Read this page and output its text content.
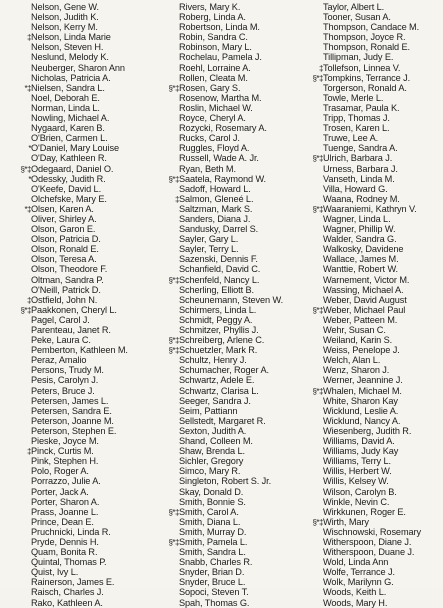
Nelson, Gene W.
Nelson, Judith K.
Nelson, Kerry M.
‡Nelson, Linda Marie
Nelson, Steven H.
Neslund, Melody K.
Neuberger, Sharon Ann
Nicholas, Patricia A.
*‡Nielsen, Sandra L.
Noel, Deborah E.
Norman, Linda L.
Nowling, Michael A.
Nygaard, Karen B.
O'Brien, Carmen L.
*O'Daniel, Mary Louise
O'Day, Kathleen R.
§*‡Odegaard, Daniel O.
*Odessky, Judith R.
O'Keefe, David L.
Olchefske, Mary E.
*‡Olsen, Karen A.
Oliver, Shirley A.
Olson, Garon E.
Olson, Patricia D.
Olson, Ronald E.
Olson, Teresa A.
Olson, Theodore F.
Oltman, Sandra P.
O'Neill, Patrick D.
‡Ostfield, John N.
§*‡Paakkonen, Cheryl L.
Pagel, Carol J.
Parenteau, Janet R.
Peke, Laura C.
Pemberton, Kathleen M.
Peraz, Amalio
Persons, Trudy M.
Pesis, Carolyn J.
Peters, Bruce J.
Petersen, James L.
Petersen, Sandra E.
Peterson, Joanne M.
Peterson, Stephen E.
Pieske, Joyce M.
‡Pinck, Curtis M.
Pink, Stephen H.
Polo, Roger A.
Porrazzo, Julie A.
Porter, Jack A.
Porter, Sharon A.
Prass, Joanne L.
Prince, Dean E.
Pruchnicki, Linda R.
Pryde, Dennis H.
Quam, Bonita R.
Quintal, Thomas P.
Quist, Ivy L.
Rainerson, James E.
Raisch, Charles J.
Rako, Kathleen A.
Rivers, Mary K.
Roberg, Linda A.
Robertson, Linda M.
Robin, Sandra C.
Robinson, Mary L.
Rochelau, Pamela J.
Roehl, Lorraine A.
Rollen, Cleata M.
§*‡Rosen, Gary S.
Rosenow, Martha M.
Roslin, Michael W.
Royce, Cheryl A.
Rozycki, Rosemary A.
Rucks, Carol J.
Ruggles, Floyd A.
Russell, Wade A. Jr.
Ryan, Beth M.
§*‡Saatela, Raymond W.
Sadoff, Howard L.
‡Salmon, Gleneé L.
Saltzman, Mark S.
Sanders, Diana J.
Sandusky, Darrel S.
Sayler, Gary L.
Sayler, Terry L.
Sazenski, Dennis F.
Schanfield, David C.
§*‡Schenfeld, Nancy L.
Scherling, Elliott B.
Scheunemann, Steven W.
Schirmers, Linda L.
Schmidt, Peggy A.
Schmitzer, Phyllis J.
§*‡Schreiberg, Arlene C.
§*‡Schuetzler, Mark R.
Schultz, Henry J.
Schumacher, Roger A.
Schwartz, Adele E.
Schwartz, Clarisa L.
Seeger, Sandra J.
Seim, Pattiann
Sellstedt, Margaret R.
Sexton, Judith A.
Shand, Colleen M.
Shaw, Brenda L.
Sichler, Gregory
Simco, Mary R.
Singleton, Robert S. Jr.
Skay, Donald D.
Smith, Bonnie S.
§*‡Smith, Carol A.
Smith, Diana L.
Smith, Murray D.
§*‡Smith, Pamela L.
Smith, Sandra L.
Snabb, Charles R.
Snyder, Brian D.
Snyder, Bruce L.
Sopoci, Steven T.
Spah, Thomas G.
Taylor, Albert L.
Tooner, Susan A.
Thompson, Candace M.
Thompson, Joyce R.
Thompson, Ronald E.
Tillipman, Judy E.
‡Tollefson, Linnea V.
§*‡Tompkins, Terrance J.
Torgerson, Ronald A.
Towle, Merle L.
Trasamar, Paula K.
Tripp, Thomas J.
Trosen, Karen L.
Truwe, Lee A.
Tuenge, Sandra A.
§*‡Ulrich, Barbara J.
Urness, Barbara J.
Vanseth, Linda M.
Villa, Howard G.
Waana, Rodney M.
§*‡Waaraniemi, Kathryn V.
Wagner, Linda L.
Wagner, Phillip W.
Walder, Sandra G.
Walkosky, Davidene
Wallace, James M.
Wanttie, Robert W.
Warnement, Victor M.
Wassing, Michael A.
Weber, David August
§*‡Weber, Michael Paul
Weber, Patteen M.
Wehr, Susan C.
Weiland, Karin S.
Weiss, Penelope J.
Welch, Alan L.
Wenz, Sharon J.
Werner, Jeannine J.
§*‡Whalen, Michael M.
White, Sharon Kay
Wicklund, Leslie A.
Wicklund, Nancy A.
Wiesenberg, Judith R.
Williams, David A.
Williams, Judy Kay
Williams, Terry L.
Willis, Herbert W.
Willis, Kelsey W.
Wilson, Carolyn B.
Winkle, Nevin C.
Wirkkunen, Roger E.
§*‡Wirth, Mary
Wischnowski, Rosemary
Witherspoon, Diane J.
Witherspoon, Duane J.
Wold, Linda Ann
Wolfe, Terrance J.
Wolk, Marilynn G.
Woods, Keith L.
Woods, Mary H.
